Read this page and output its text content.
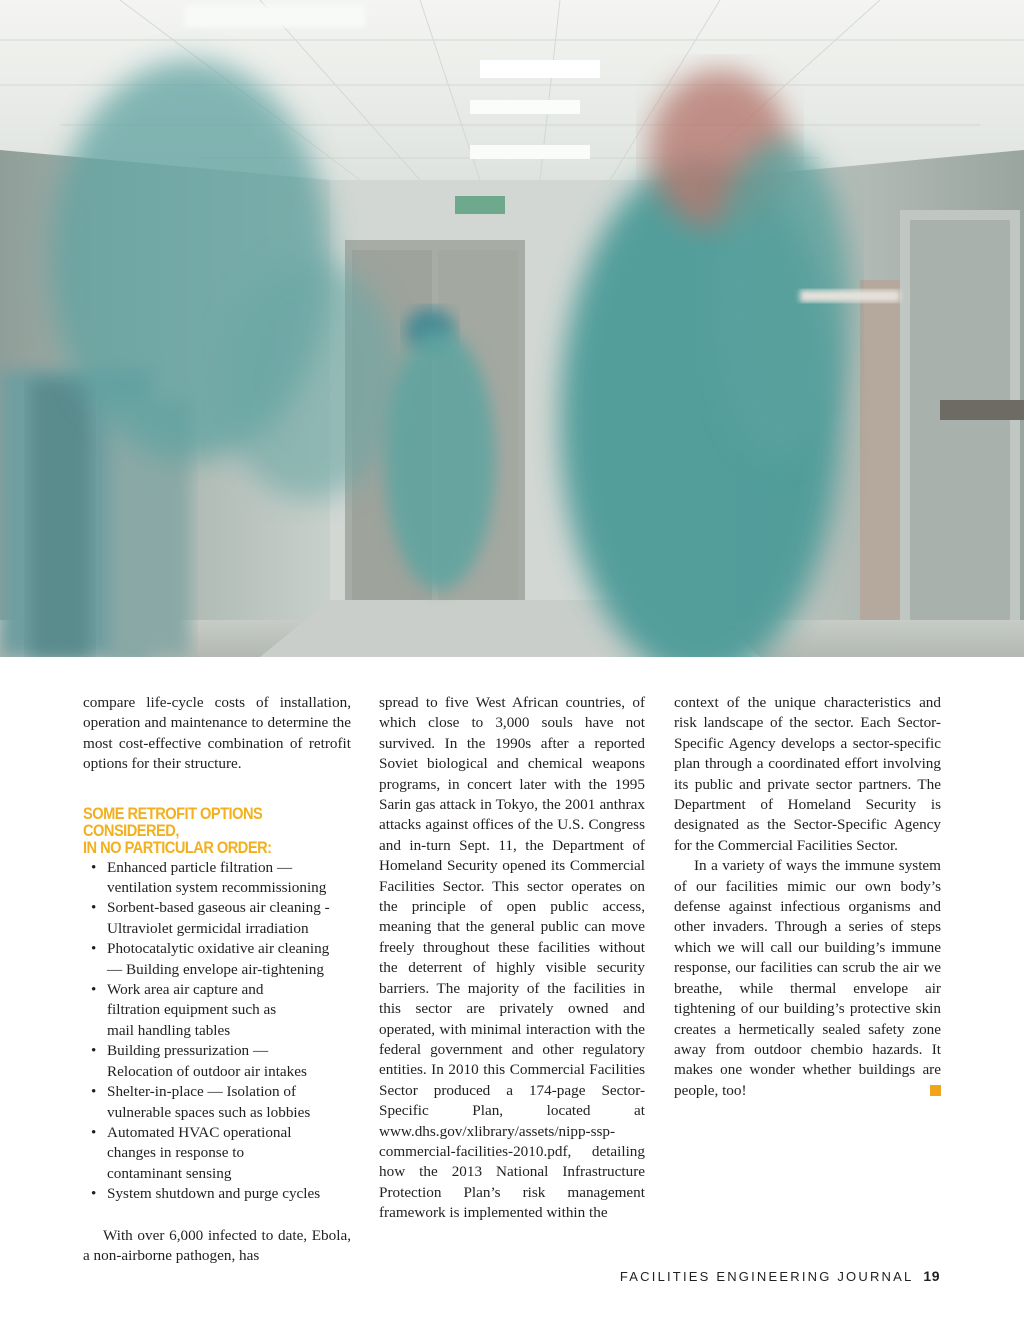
compare life-cycle costs of installation, operation and maintenance to determine the most cost-effective combination of retrofit options for their structure.

SOME RETROFIT OPTIONS CONSIDERED,
IN NO PARTICULAR ORDER:
• Enhanced particle filtration —
ventilation system recommissioning
• Sorbent-based gaseous air cleaning -
Ultraviolet germicidal irradiation
• Photocatalytic oxidative air cleaning
— Building envelope air-tightening
• Work area air capture and
filtration equipment such as
mail handling tables
• Building pressurization —
Relocation of outdoor air intakes
• Shelter-in-place — Isolation of
vulnerable spaces such as lobbies
• Automated HVAC operational
changes in response to
contaminant sensing
• System shutdown and purge cycles

With over 6,000 infected to date, Ebola, a non-airborne pathogen, has

spread to five West African countries, of which close to 3,000 souls have not survived. In the 1990s after a reported Soviet biological and chemical weapons programs, in concert later with the 1995 Sarin gas attack in Tokyo, the 2001 anthrax attacks against offices of the U.S. Congress and in-turn Sept. 11, the Department of Homeland Security opened its Commercial Facilities Sector. This sector operates on the principle of open public access, meaning that the general public can move freely throughout these facilities without the deterrent of highly visible security barriers. The majority of the facilities in this sector are privately owned and operated, with minimal interaction with the federal government and other regulatory entities. In 2010 this Commercial Facilities Sector produced a 174-page Sector-Specific Plan, located at www.dhs.gov/xlibrary/assets/nipp-ssp-commercial-facilities-2010.pdf, detailing how the 2013 National Infrastructure Protection Plan’s risk management framework is implemented within the

context of the unique characteristics and risk landscape of the sector. Each Sector-Specific Agency develops a sector-specific plan through a coordinated effort involving its public and private sector partners. The Department of Homeland Security is designated as the Sector-Specific Agency for the Commercial Facilities Sector.

In a variety of ways the immune system of our facilities mimic our own body’s defense against infectious organisms and other invaders. Through a series of steps which we will call our building’s immune response, our facilities can scrub the air we breathe, while thermal envelope air tightening of our building’s protective skin creates a hermetically sealed safety zone away from outdoor chembio hazards. It makes one wonder whether buildings are people, too!

FACILITIES ENGINEERING JOURNAL 19
